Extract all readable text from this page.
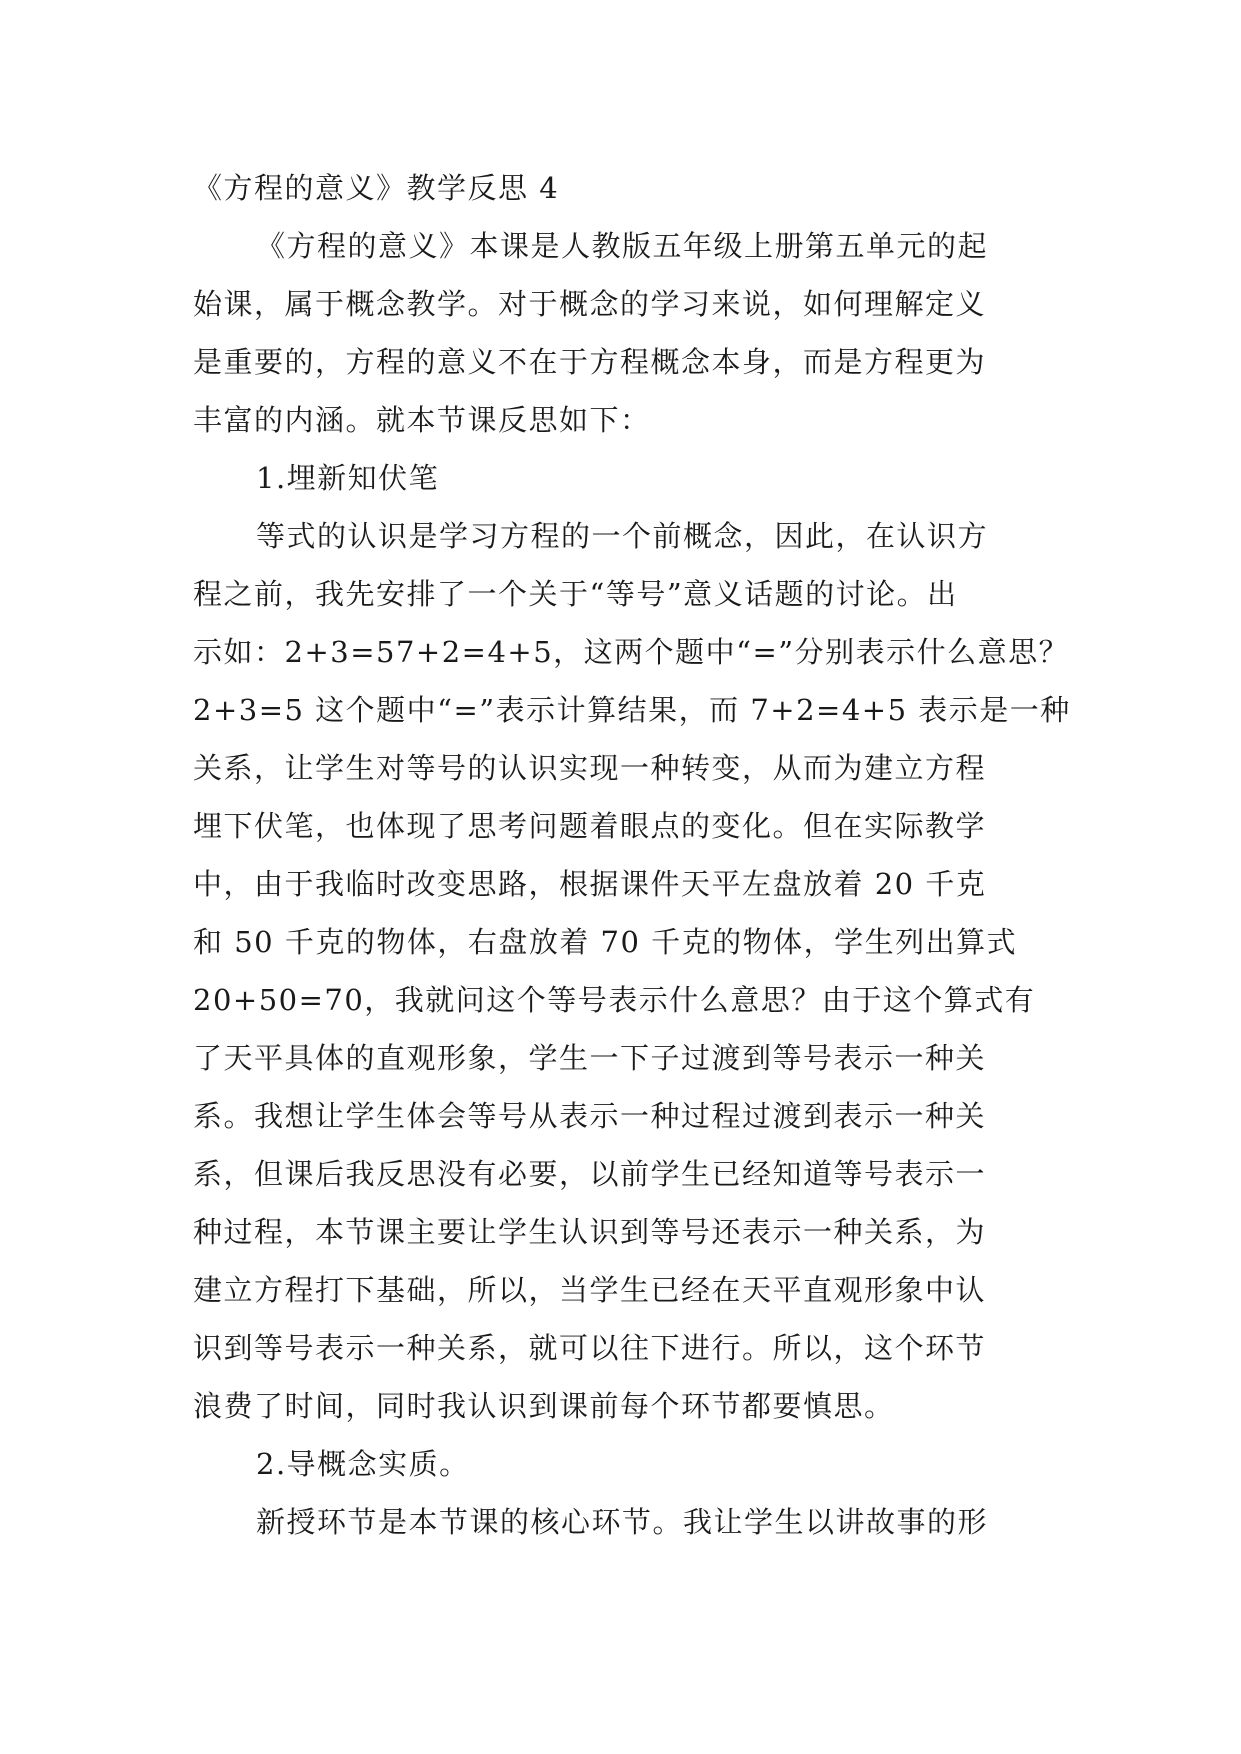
《方程的意义》教学反思 4
《方程的意义》本课是人教版五年级上册第五单元的起
始课，属于概念教学。对于概念的学习来说，如何理解定义
是重要的，方程的意义不在于方程概念本身，而是方程更为
丰富的内涵。就本节课反思如下：
1.埋新知伏笔
等式的认识是学习方程的一个前概念，因此，在认识方
程之前，我先安排了一个关于“等号”意义话题的讨论。出
示如：2+3=57+2=4+5，这两个题中“=”分别表示什么意思？
2+3=5 这个题中“=”表示计算结果，而 7+2=4+5 表示是一种
关系，让学生对等号的认识实现一种转变，从而为建立方程
埋下伏笔，也体现了思考问题着眼点的变化。但在实际教学
中，由于我临时改变思路，根据课件天平左盘放着 20 千克
和 50 千克的物体，右盘放着 70 千克的物体，学生列出算式
20+50=70，我就问这个等号表示什么意思？由于这个算式有
了天平具体的直观形象，学生一下子过渡到等号表示一种关
系。我想让学生体会等号从表示一种过程过渡到表示一种关
系，但课后我反思没有必要，以前学生已经知道等号表示一
种过程，本节课主要让学生认识到等号还表示一种关系，为
建立方程打下基础，所以，当学生已经在天平直观形象中认
识到等号表示一种关系，就可以往下进行。所以，这个环节
浪费了时间，同时我认识到课前每个环节都要慎思。
2.导概念实质。
新授环节是本节课的核心环节。我让学生以讲故事的形
